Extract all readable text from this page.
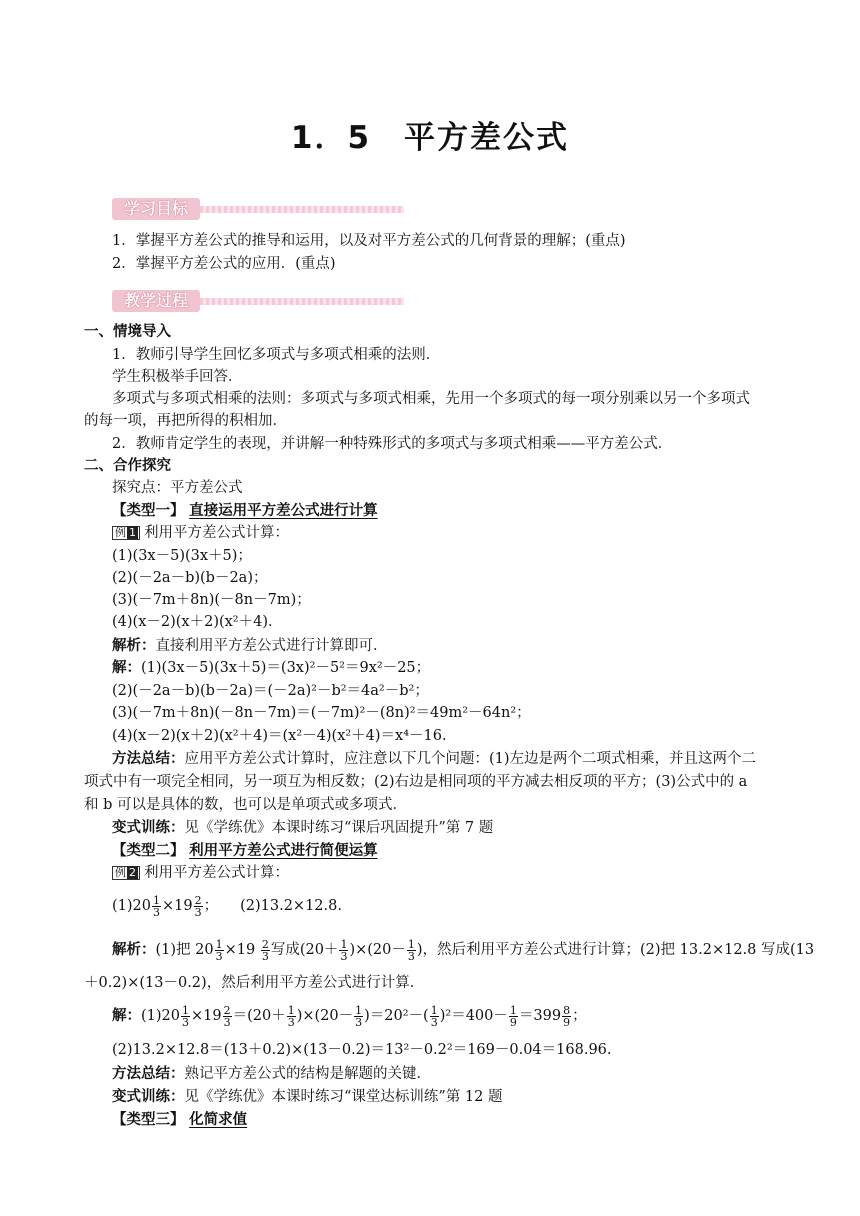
1．5　平方差公式
学习目标
1．掌握平方差公式的推导和运用，以及对平方差公式的几何背景的理解；(重点)
2．掌握平方差公式的应用．(重点)
教学过程
一、情境导入
1．教师引导学生回忆多项式与多项式相乘的法则．
学生积极举手回答．
多项式与多项式相乘的法则：多项式与多项式相乘，先用一个多项式的每一项分别乘以另一个多项式
的每一项，再把所得的积相加．
2．教师肯定学生的表现，并讲解一种特殊形式的多项式与多项式相乘——平方差公式．
二、合作探究
探究点：平方差公式
【类型一】 直接运用平方差公式进行计算
例 1 利用平方差公式计算：
(1)(3x－5)(3x＋5)；
(2)(－2a－b)(b－2a)；
(3)(－7m＋8n)(－8n－7m)；
(4)(x－2)(x＋2)(x²＋4)．
解析：直接利用平方差公式进行计算即可．
解：(1)(3x－5)(3x＋5)＝(3x)²－5²＝9x²－25；
(2)(－2a－b)(b－2a)＝(－2a)²－b²＝4a²－b²；
(3)(－7m＋8n)(－8n－7m)＝(－7m)²－(8n)²＝49m²－64n²；
(4)(x－2)(x＋2)(x²＋4)＝(x²－4)(x²＋4)＝x⁴－16.
方法总结：应用平方差公式计算时，应注意以下几个问题：(1)左边是两个二项式相乘，并且这两个二
项式中有一项完全相同，另一项互为相反数；(2)右边是相同项的平方减去相反项的平方；(3)公式中的 a
和 b 可以是具体的数，也可以是单项式或多项式．
变式训练：见《学练优》本课时练习“课后巩固提升”第 7 题
【类型二】 利用平方差公式进行简便运算
例 2 利用平方差公式计算：
$(1)20 \frac{1}{3} \times 19 \frac{2}{3}$ ； (2)13.2×12.8.
解析：(1)把 $20 \frac{1}{3} \times 19 \frac{2}{3}$ 写成$(20+ \frac{1}{3} )\times(20- \frac{1}{3}$ )，然后利用平方差公式进行计算；(2)把 13.2×12.8 写成(13
＋0.2)×(13－0.2)，然后利用平方差公式进行计算．
解：$(1)20 \frac{1}{3} \times 19 \frac{2}{3} =(20+ \frac{1}{3} )\times(20- \frac{1}{3} )=20^2-( \frac{1}{3} )^2=400- \frac{1}{9} =399 \frac{8}{9}$ ；
(2)13.2×12.8＝(13＋0.2)×(13－0.2)＝13²－0.2²＝169－0.04＝168.96.
方法总结：熟记平方差公式的结构是解题的关键．
变式训练：见《学练优》本课时练习“课堂达标训练”第 12 题
【类型三】 化简求值
